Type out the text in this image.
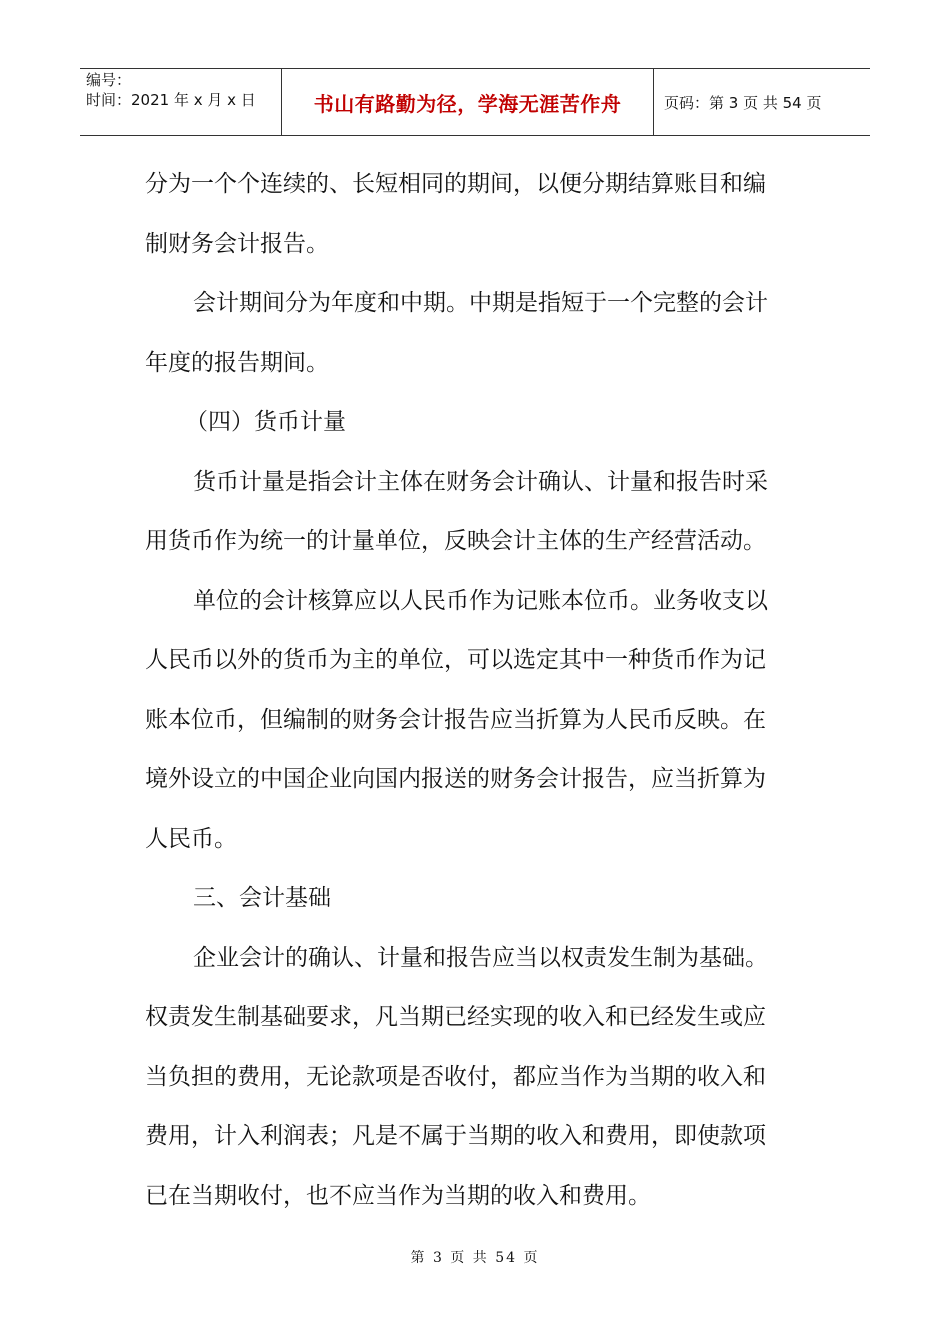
编号：
时间：2021 年 x 月 x 日	书山有路勤为径，学海无涯苦作舟	页码：第 3 页 共 54 页

分为一个个连续的、长短相同的期间，以便分期结算账目和编

制财务会计报告。

会计期间分为年度和中期。中期是指短于一个完整的会计

年度的报告期间。

（四）货币计量

货币计量是指会计主体在财务会计确认、计量和报告时采

用货币作为统一的计量单位，反映会计主体的生产经营活动。

单位的会计核算应以人民币作为记账本位币。业务收支以

人民币以外的货币为主的单位，可以选定其中一种货币作为记

账本位币，但编制的财务会计报告应当折算为人民币反映。在

境外设立的中国企业向国内报送的财务会计报告，应当折算为

人民币。

三、会计基础

企业会计的确认、计量和报告应当以权责发生制为基础。

权责发生制基础要求，凡当期已经实现的收入和已经发生或应

当负担的费用，无论款项是否收付，都应当作为当期的收入和

费用，计入利润表；凡是不属于当期的收入和费用，即使款项

已在当期收付，也不应当作为当期的收入和费用。

第 3 页 共 54 页
